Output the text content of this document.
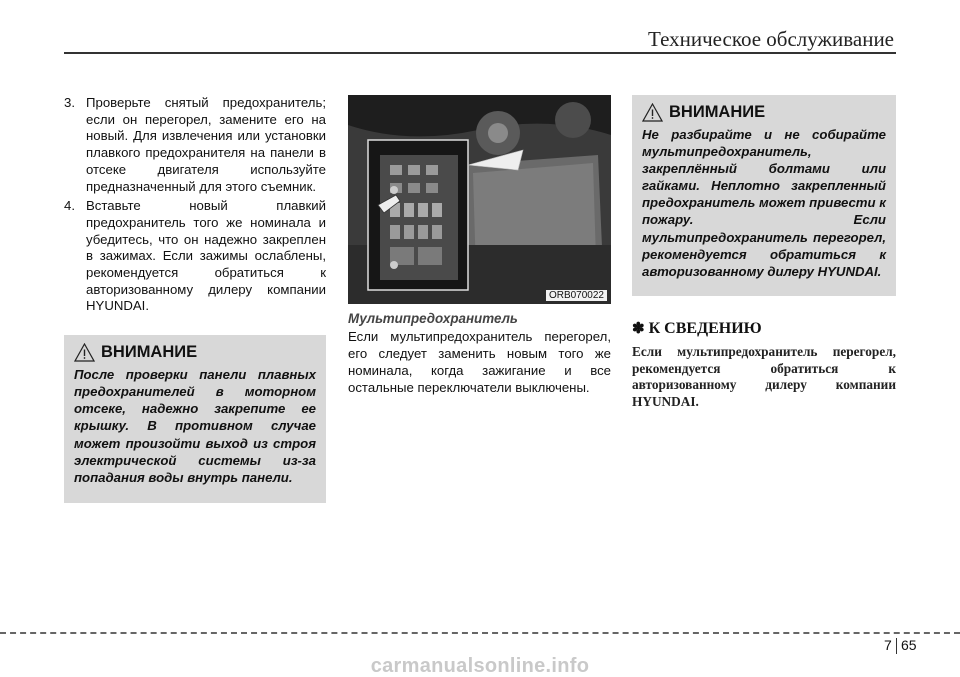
Техническое обслуживание
3. Проверьте снятый предохранитель; если он перегорел, замените его на новый. Для извлечения или установки плавкого предохранителя на панели в отсеке двигателя используйте предназначенный для этого съемник.
4. Вставьте новый плавкий предохранитель того же номинала и убедитесь, что он надежно закреплен в зажимах. Если зажимы ослаблены, рекомендуется обратиться к авторизованному дилеру компании HYUNDAI.
ВНИМАНИЕ
После проверки панели плавных предохранителей в моторном отсеке, надежно закрепите ее крышку. В противном случае может произойти выход из строя электрической системы из-за попадания воды внутрь панели.
ORB070022
Мультипредохранитель
Если мультипредохранитель перегорел, его следует заменить новым того же номинала, когда зажигание и все остальные переключатели выключены.
ВНИМАНИЕ
Не разбирайте и не собирайте мультипредохранитель, закреплённый болтами или гайками. Неплотно закрепленный предохранитель может привести к пожару. Если мультипредохранитель перегорел, рекомендуется обратиться к авторизованному дилеру HYUNDAI.
✽ К СВЕДЕНИЮ
Если мультипредохранитель перегорел, рекомендуется обратиться к авторизованному дилеру компании HYUNDAI.
7 65
carmanualsonline.info
